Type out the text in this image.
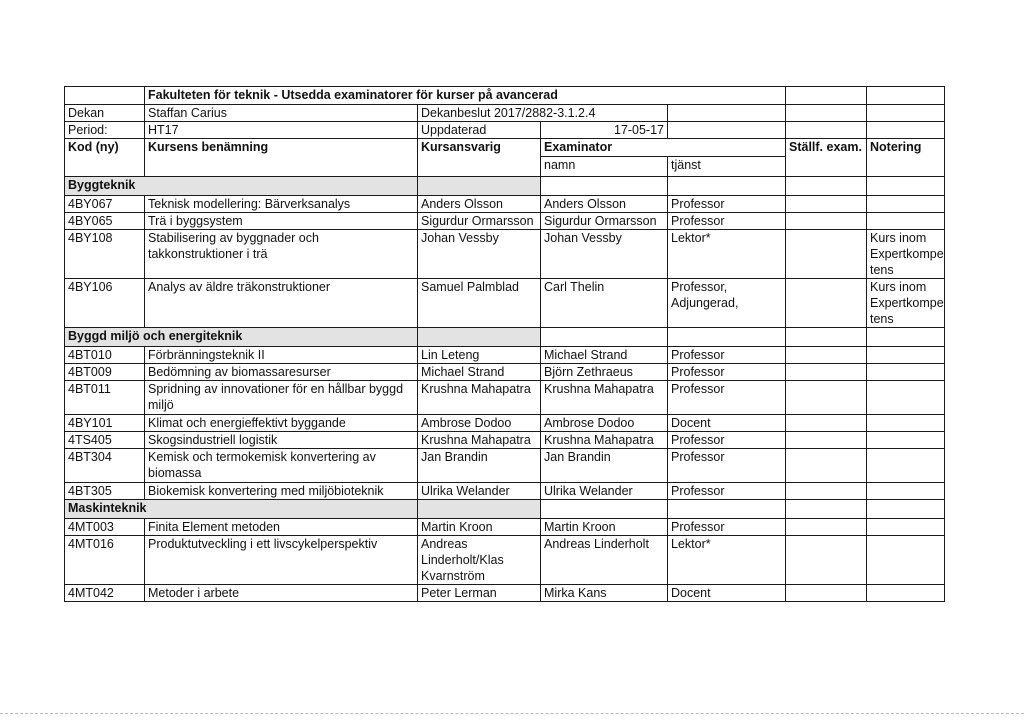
	Fakulteten för teknik - Utsedda examinatorer för kurser på avancerad					
Dekan	Staffan Carius	Dekanbeslut 2017/2882-3.1.2.4				
Period:	HT17	Uppdaterad	17-05-17			
Kod (ny)	Kursens benämning	Kursansvarig	Examinator		Ställf. exam.	Notering
			namn	tjänst		
Byggteknik						
4BY067	Teknisk modellering: Bärverksanalys	Anders Olsson	Anders Olsson	Professor		
4BY065	Trä i byggsystem	Sigurdur Ormarsson	Sigurdur Ormarsson	Professor		
4BY108	Stabilisering av byggnader och takkonstruktioner i trä	Johan Vessby	Johan Vessby	Lektor*		Kurs inom Expertkompe tens
4BY106	Analys av äldre träkonstruktioner	Samuel Palmblad	Carl Thelin	Professor, Adjungerad,		Kurs inom Expertkompe tens
Byggd miljö och energiteknik						
4BT010	Förbränningsteknik II	Lin Leteng	Michael Strand	Professor		
4BT009	Bedömning av biomassaresurser	Michael Strand	Björn Zethraeus	Professor		
4BT011	Spridning av innovationer för en hållbar byggd miljö	Krushna Mahapatra	Krushna Mahapatra	Professor		
4BY101	Klimat och energieffektivt byggande	Ambrose Dodoo	Ambrose Dodoo	Docent		
4TS405	Skogsindustriell logistik	Krushna Mahapatra	Krushna Mahapatra	Professor		
4BT304	Kemisk och termokemisk konvertering av biomassa	Jan Brandin	Jan Brandin	Professor		
4BT305	Biokemisk konvertering med miljöbioteknik	Ulrika Welander	Ulrika Welander	Professor		
Maskinteknik						
4MT003	Finita Element metoden	Martin Kroon	Martin Kroon	Professor		
4MT016	Produktutveckling i ett livscykelperspektiv	Andreas Linderholt/Klas Kvarnström	Andreas Linderholt	Lektor*		
4MT042	Metoder i arbete	Peter Lerman	Mirka Kans	Docent		
